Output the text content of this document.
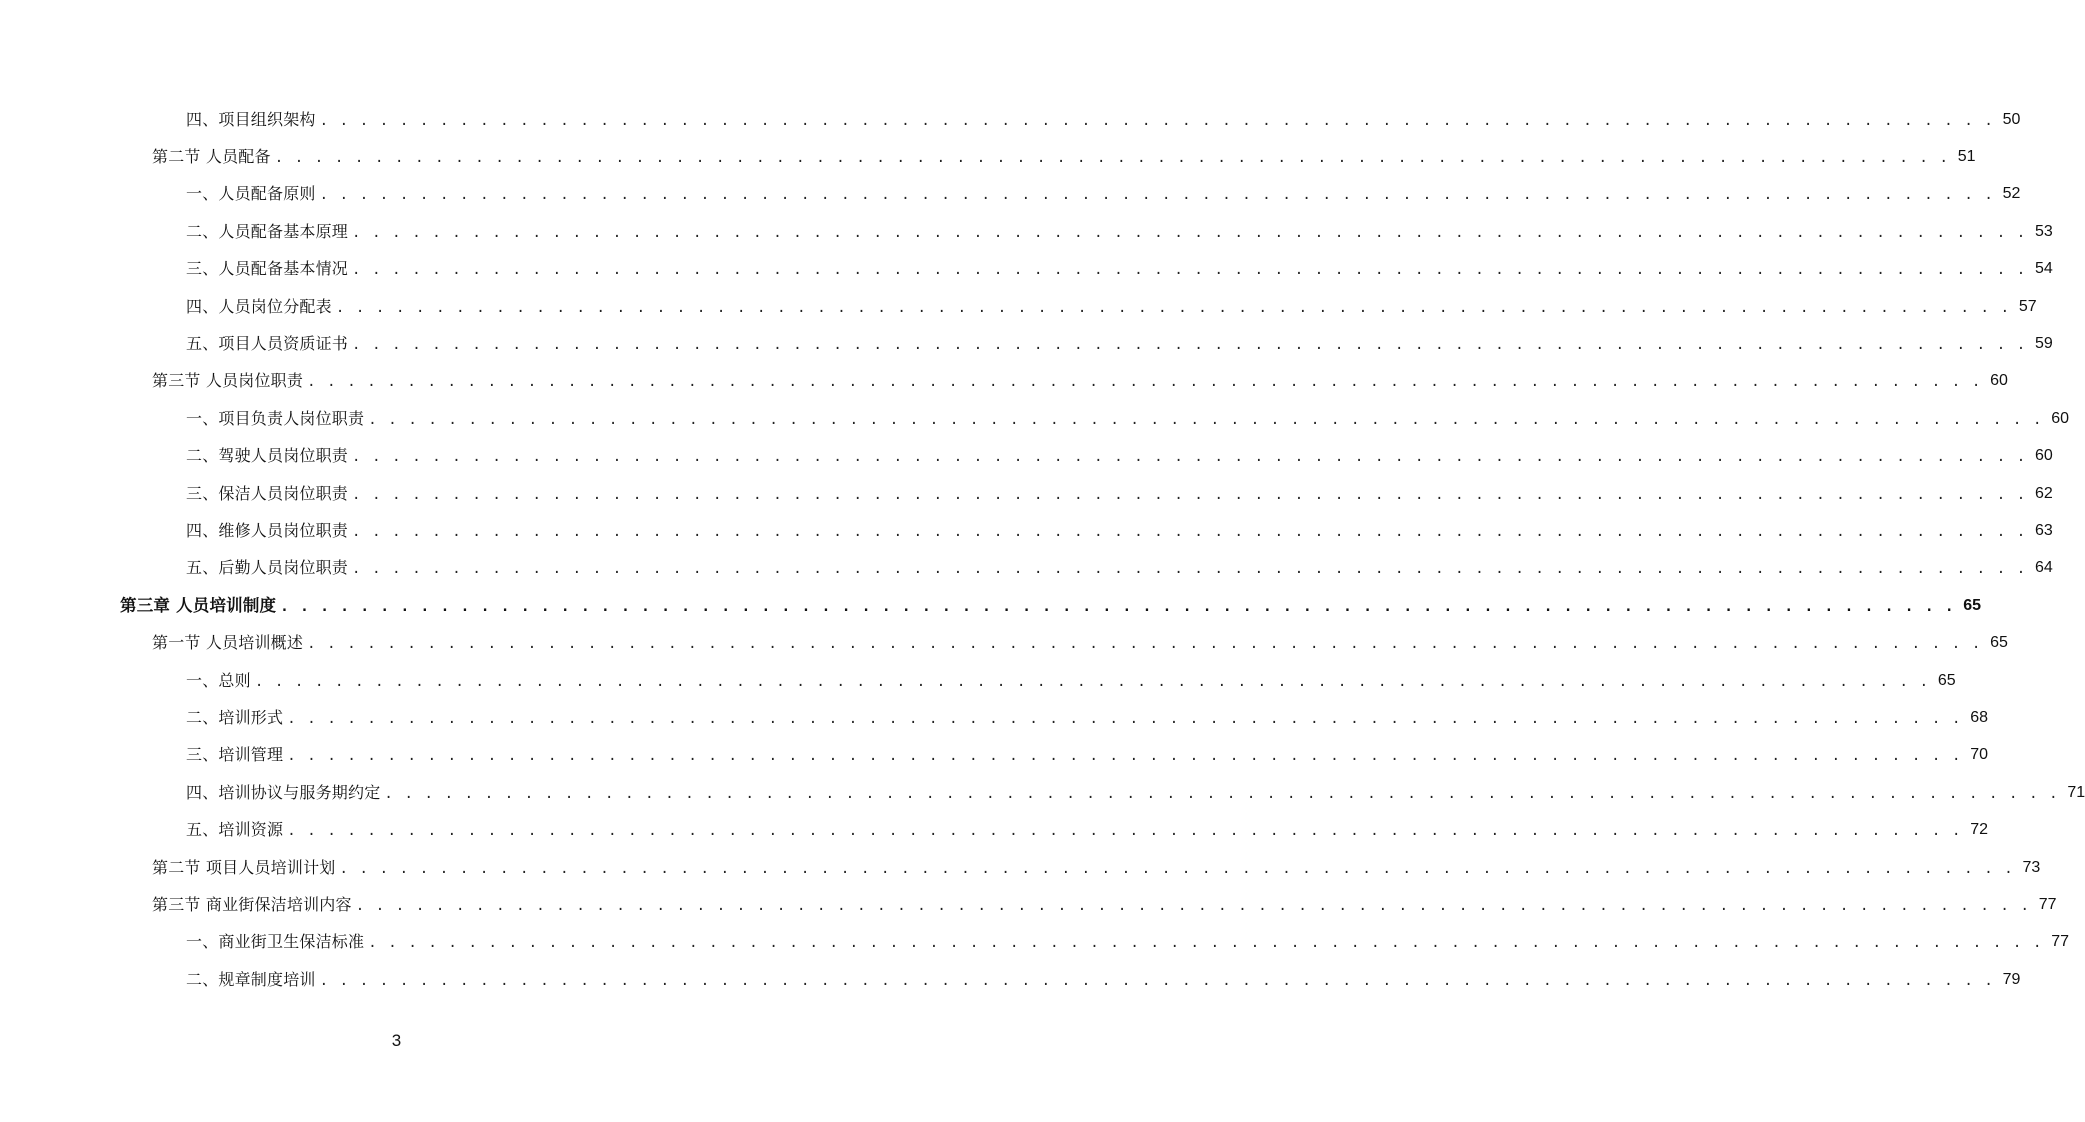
四、项目组织架构 . . . . . . . . . . . . . . . . . . . . . . . . . . . . . . . . . . . . . . . . . . . . . . . . . . . . . . . . . . . . . . . . . . . . . . . . . . . . . . . . . . . . 50
第二节 人员配备 . . . . . . . . . . . . . . . . . . . . . . . . . . . . . . . . . . . . . . . . . . . . . . . . . . . . . . . . . . . . . . . . . . . . . . . . . . . . . . . . . . . . 51
一、人员配备原则 . . . . . . . . . . . . . . . . . . . . . . . . . . . . . . . . . . . . . . . . . . . . . . . . . . . . . . . . . . . . . . . . . . . . . . . . . . . . . . . . . . . . 52
二、人员配备基本原理 . . . . . . . . . . . . . . . . . . . . . . . . . . . . . . . . . . . . . . . . . . . . . . . . . . . . . . . . . . . . . . . . . . . . . . . . . . . . . . . . . . . . 53
三、人员配备基本情况 . . . . . . . . . . . . . . . . . . . . . . . . . . . . . . . . . . . . . . . . . . . . . . . . . . . . . . . . . . . . . . . . . . . . . . . . . . . . . . . . . . . . 54
四、人员岗位分配表 . . . . . . . . . . . . . . . . . . . . . . . . . . . . . . . . . . . . . . . . . . . . . . . . . . . . . . . . . . . . . . . . . . . . . . . . . . . . . . . . . . . . 57
五、项目人员资质证书 . . . . . . . . . . . . . . . . . . . . . . . . . . . . . . . . . . . . . . . . . . . . . . . . . . . . . . . . . . . . . . . . . . . . . . . . . . . . . . . . . . . . 59
第三节 人员岗位职责 . . . . . . . . . . . . . . . . . . . . . . . . . . . . . . . . . . . . . . . . . . . . . . . . . . . . . . . . . . . . . . . . . . . . . . . . . . . . . . . . . . . . 60
一、项目负责人岗位职责 . . . . . . . . . . . . . . . . . . . . . . . . . . . . . . . . . . . . . . . . . . . . . . . . . . . . . . . . . . . . . . . . . . . . . . . . . . . . . . . . . . . . 60
二、驾驶人员岗位职责 . . . . . . . . . . . . . . . . . . . . . . . . . . . . . . . . . . . . . . . . . . . . . . . . . . . . . . . . . . . . . . . . . . . . . . . . . . . . . . . . . . . . 60
三、保洁人员岗位职责 . . . . . . . . . . . . . . . . . . . . . . . . . . . . . . . . . . . . . . . . . . . . . . . . . . . . . . . . . . . . . . . . . . . . . . . . . . . . . . . . . . . . 62
四、维修人员岗位职责 . . . . . . . . . . . . . . . . . . . . . . . . . . . . . . . . . . . . . . . . . . . . . . . . . . . . . . . . . . . . . . . . . . . . . . . . . . . . . . . . . . . . 63
五、后勤人员岗位职责 . . . . . . . . . . . . . . . . . . . . . . . . . . . . . . . . . . . . . . . . . . . . . . . . . . . . . . . . . . . . . . . . . . . . . . . . . . . . . . . . . . . . 64
第三章 人员培训制度 . . . . . . . . . . . . . . . . . . . . . . . . . . . . . . . . . . . . . . . . . . . . . . . . . . . . . . . . . . . . . . . . . . . . . . . . . . . . . . . . . . . . 65
第一节 人员培训概述 . . . . . . . . . . . . . . . . . . . . . . . . . . . . . . . . . . . . . . . . . . . . . . . . . . . . . . . . . . . . . . . . . . . . . . . . . . . . . . . . . . . . 65
一、总则 . . . . . . . . . . . . . . . . . . . . . . . . . . . . . . . . . . . . . . . . . . . . . . . . . . . . . . . . . . . . . . . . . . . . . . . . . . . . . . . . . . . . 65
二、培训形式 . . . . . . . . . . . . . . . . . . . . . . . . . . . . . . . . . . . . . . . . . . . . . . . . . . . . . . . . . . . . . . . . . . . . . . . . . . . . . . . . . . . . 68
三、培训管理 . . . . . . . . . . . . . . . . . . . . . . . . . . . . . . . . . . . . . . . . . . . . . . . . . . . . . . . . . . . . . . . . . . . . . . . . . . . . . . . . . . . . 70
四、培训协议与服务期约定 . . . . . . . . . . . . . . . . . . . . . . . . . . . . . . . . . . . . . . . . . . . . . . . . . . . . . . . . . . . . . . . . . . . . . . . . . . . . . . . . . . . . 71
五、培训资源 . . . . . . . . . . . . . . . . . . . . . . . . . . . . . . . . . . . . . . . . . . . . . . . . . . . . . . . . . . . . . . . . . . . . . . . . . . . . . . . . . . . . 72
第二节 项目人员培训计划 . . . . . . . . . . . . . . . . . . . . . . . . . . . . . . . . . . . . . . . . . . . . . . . . . . . . . . . . . . . . . . . . . . . . . . . . . . . . . . . . . . . . 73
第三节 商业街保洁培训内容 . . . . . . . . . . . . . . . . . . . . . . . . . . . . . . . . . . . . . . . . . . . . . . . . . . . . . . . . . . . . . . . . . . . . . . . . . . . . . . . . . . . . 77
一、商业街卫生保洁标准 . . . . . . . . . . . . . . . . . . . . . . . . . . . . . . . . . . . . . . . . . . . . . . . . . . . . . . . . . . . . . . . . . . . . . . . . . . . . . . . . . . . . 77
二、规章制度培训 . . . . . . . . . . . . . . . . . . . . . . . . . . . . . . . . . . . . . . . . . . . . . . . . . . . . . . . . . . . . . . . . . . . . . . . . . . . . . . . . . . . . 79
3
